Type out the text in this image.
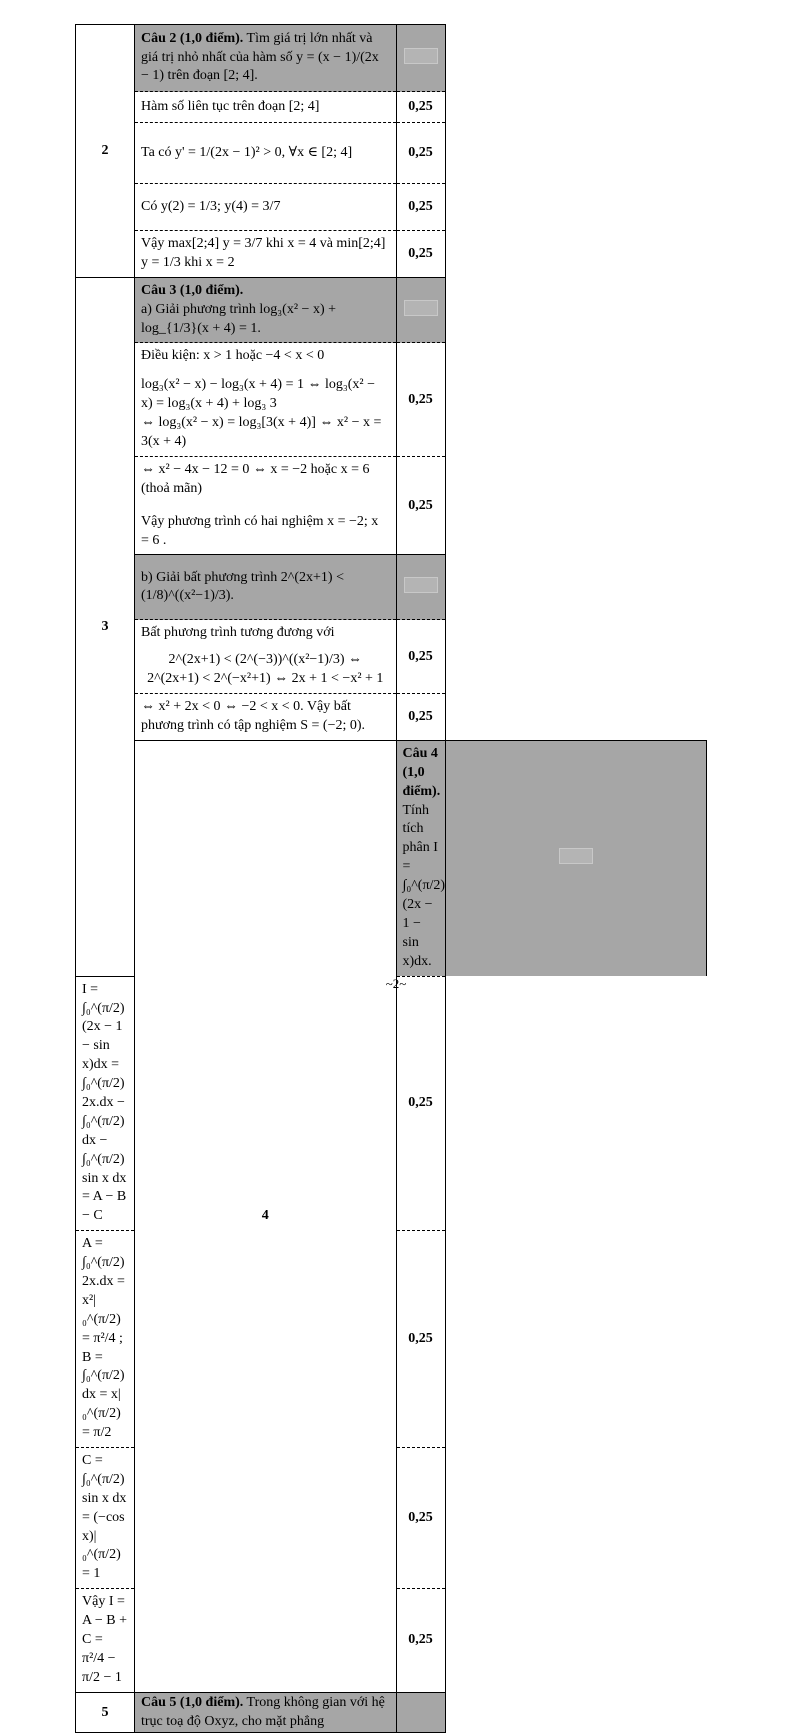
2	Câu 2 (1,0 điểm). Tìm giá trị lớn nhất và giá trị nhỏ nhất của hàm số y = (x − 1)/(2x − 1) trên đoạn [2; 4].		
	Hàm số liên tục trên đoạn [2; 4]	0,25	
	Ta có y' = 1/(2x − 1)² > 0, ∀x ∈ [2; 4]	0,25	
	Có y(2) = 1/3; y(4) = 3/7	0,25	
	Vậy max[2;4] y = 3/7 khi x = 4 và min[2;4] y = 1/3 khi x = 2	0,25	
3	Câu 3 (1,0 điểm).
a) Giải phương trình log₃(x² − x) + log_{1/3}(x + 4) = 1.		

	Điều kiện: x > 1 hoặc −4 < x < 0
log₃(x² − x) − log₃(x + 4) = 1 ⇔ log₃(x² − x) = log₃(x + 4) + log₃ 3
⇔ log₃(x² − x) = log₃[3(x + 4)] ⇔ x² − x = 3(x + 4)	0,25	

	⇔ x² − 4x − 12 = 0 ⇔ x = −2 hoặc x = 6 (thoả mãn)
Vậy phương trình có hai nghiệm x = −2; x = 6 .	0,25	
	b) Giải bất phương trình 2^(2x+1) < (1/8)^((x²−1)/3).		

	Bất phương trình tương đương với
2^(2x+1) < (2^(−3))^((x²−1)/3) ⇔ 2^(2x+1) < 2^(−x²+1) ⇔ 2x + 1 < −x² + 1	0,25	
	⇔ x² + 2x < 0 ⇔ −2 < x < 0. Vậy bất phương trình có tập nghiệm S = (−2; 0).	0,25	
	4	Câu 4 (1,0 điểm). Tính tích phân I = ∫₀^(π/2) (2x − 1 − sin x)dx.	
I = ∫₀^(π/2)(2x − 1 − sin x)dx = ∫₀^(π/2) 2x.dx − ∫₀^(π/2) dx − ∫₀^(π/2) sin x dx = A − B − C		0,25	
A = ∫₀^(π/2) 2x.dx = x²|₀^(π/2) = π²/4 ; B = ∫₀^(π/2) dx = x|₀^(π/2) = π/2		0,25	
C = ∫₀^(π/2) sin x dx = (−cos x)|₀^(π/2) = 1		0,25	
Vậy I = A − B + C = π²/4 − π/2 − 1		0,25	
5	Câu 5 (1,0 điểm). Trong không gian với hệ trục toạ độ Oxyz, cho mặt phẳng		
~2~
